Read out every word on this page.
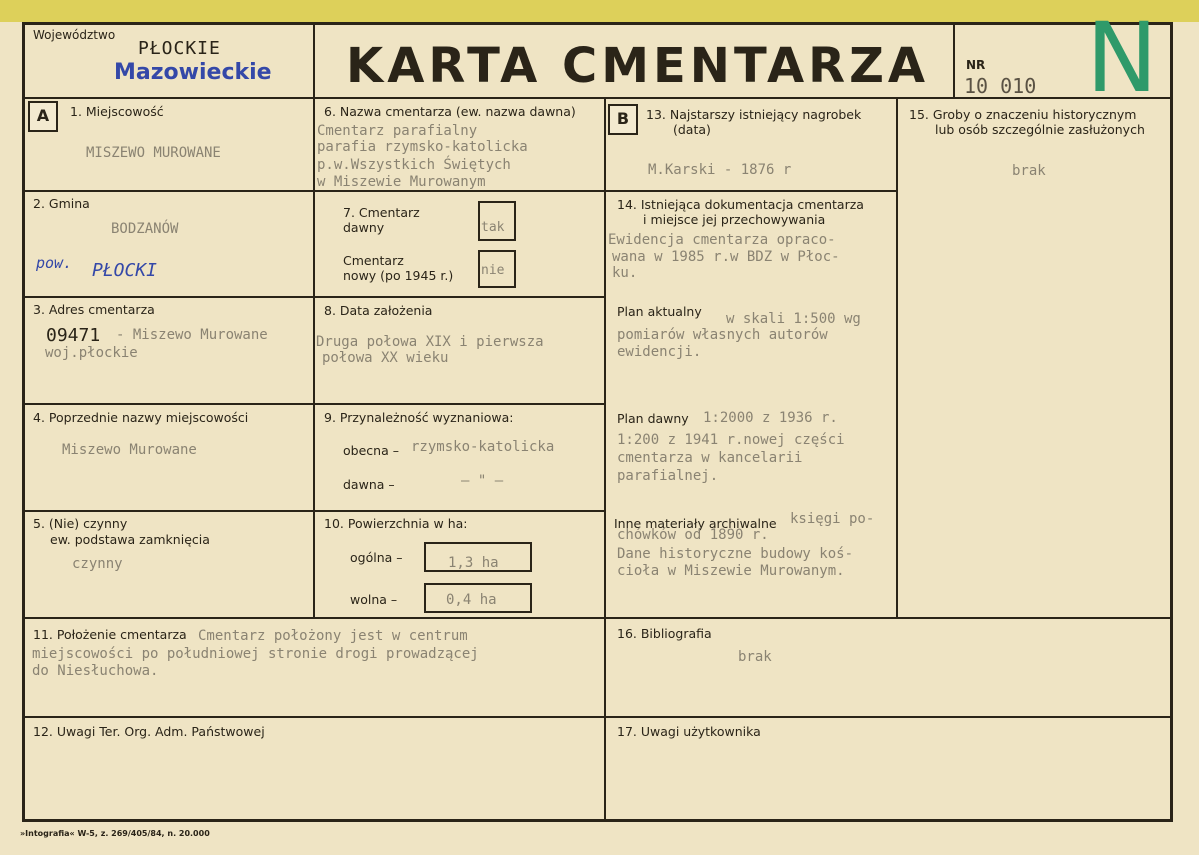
Województwo
PŁOCKIE
Mazowieckie KARTA CMENTARZA	NR
10 010 N
A	B
1. Miejscowość
MISZEWO MUROWANE
2. Gmina
BODZANÓW
pow. PŁOCKI
3. Adres cmentarza
09471 - Miszewo Murowane
woj.płockie
4. Poprzednie nazwy miejscowości
Miszewo Murowane
5. (Nie) czynny
ew. podstawa zamknięcia
czynny
6. Nazwa cmentarza (ew. nazwa dawna)
Cmentarz parafialny
parafia rzymsko-katolicka
p.w.Wszystkich Świętych
w Miszewie Murowanym
7. Cmentarz
dawny	tak
Cmentarz
nowy (po 1945 r.) nie
8. Data założenia
Druga połowa XIX i pierwsza
połowa XX wieku
9. Przynależność wyznaniowa:
obecna – rzymsko-katolicka
dawna –	– " –
10. Powierzchnia w ha:
ogólna –	1,3 ha
wolna –	0,4 ha
11. Położenie cmentarza Cmentarz położony jest w centrum
miejscowości po południowej stronie drogi prowadzącej
do Niesłuchowa.
12. Uwagi Ter. Org. Adm. Państwowej
13. Najstarszy istniejący nagrobek
(data)
M.Karski - 1876 r
14. Istniejąca dokumentacja cmentarza
i miejsce jej przechowywania
Ewidencja cmentarza opraco-
wana w 1985 r.w BDZ w Płoc-
ku.
Plan aktualny w skali 1:500 wg
pomiarów własnych autorów
ewidencji.
Plan dawny 1:2000 z 1936 r.
1:200 z 1941 r.nowej części
cmentarza w kancelarii
parafialnej.
Inne materiały archiwalne księgi po-
chówków od 1890 r.
Dane historyczne budowy koś-
cioła w Miszewie Murowanym.
15. Groby o znaczeniu historycznym
lub osób szczególnie zasłużonych
brak
16. Bibliografia
brak
17. Uwagi użytkownika
»Intografia« W-5, z. 269/405/84, n. 20.000
